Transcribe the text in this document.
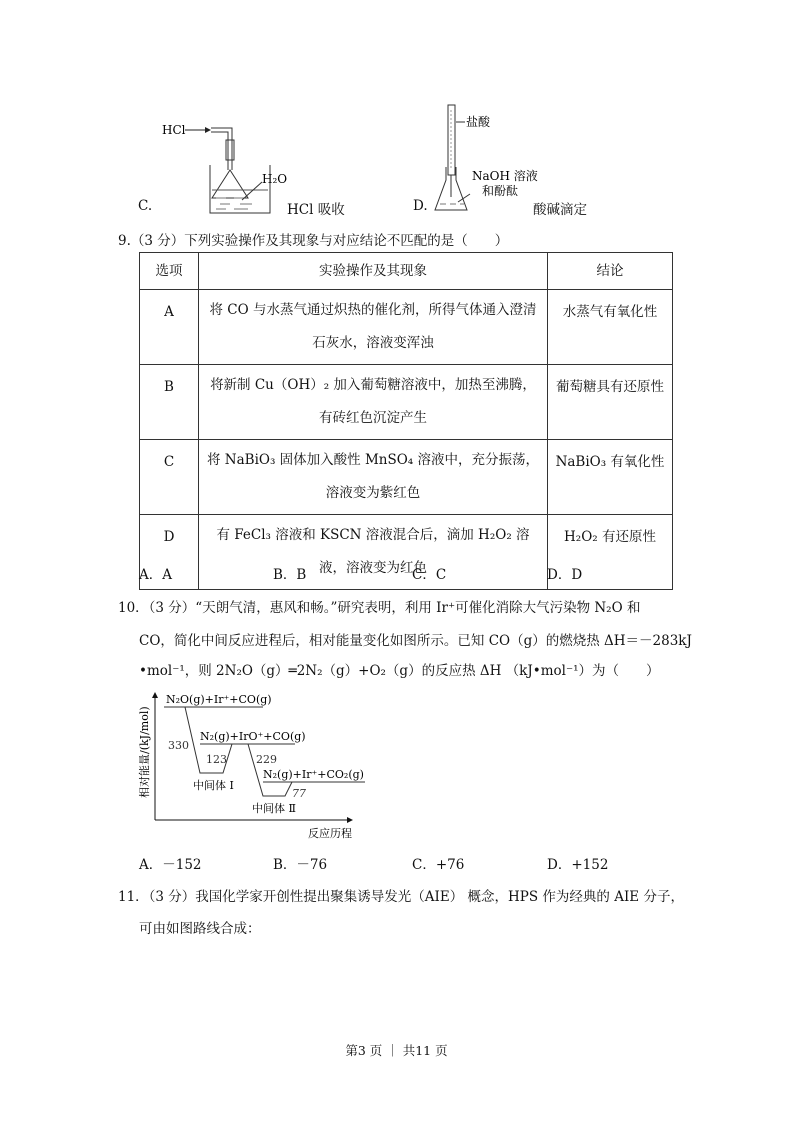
HCl
H₂O
C.	HCl 吸收
盐酸
NaOH 溶液
和酚酞
D.	酸碱滴定
9.（3 分）下列实验操作及其现象与对应结论不匹配的是（　　）
选项	实验操作及其现象	结论
A	将 CO 与水蒸气通过炽热的催化剂，所得气体通入澄清石灰水，溶液变浑浊	水蒸气有氧化性
B	将新制 Cu（OH）₂ 加入葡萄糖溶液中，加热至沸腾，有砖红色沉淀产生	葡萄糖具有还原性
C	将 NaBiO₃ 固体加入酸性 MnSO₄ 溶液中，充分振荡，溶液变为紫红色	NaBiO₃ 有氧化性
D	有 FeCl₃ 溶液和 KSCN 溶液混合后，滴加 H₂O₂ 溶液，溶液变为红色	H₂O₂ 有还原性
A．A	B．B	C．C	D．D
10．（3 分）“天朗气清，惠风和畅。”研究表明，利用 Ir⁺可催化消除大气污染物 N₂O 和
CO，简化中间反应进程后，相对能量变化如图所示。已知 CO（g）的燃烧热 ΔH＝－283kJ
•mol⁻¹，则 2N₂O（g）═2N₂（g）+O₂（g）的反应热 ΔH （kJ•mol⁻¹）为（　　）
相对能量/(kJ/mol)
反应历程
N₂O(g)+Ir⁺+CO(g)
N₂(g)+IrO⁺+CO(g)
N₂(g)+Ir⁺+CO₂(g)
330
123	229
77
中间体 Ⅰ
中间体 Ⅱ
A．－152	B．－76	C．+76	D．+152
11．（3 分）我国化学家开创性提出聚集诱导发光（AIE） 概念，HPS 作为经典的 AIE 分子，
可由如图路线合成：
第3 页 ｜ 共11 页
